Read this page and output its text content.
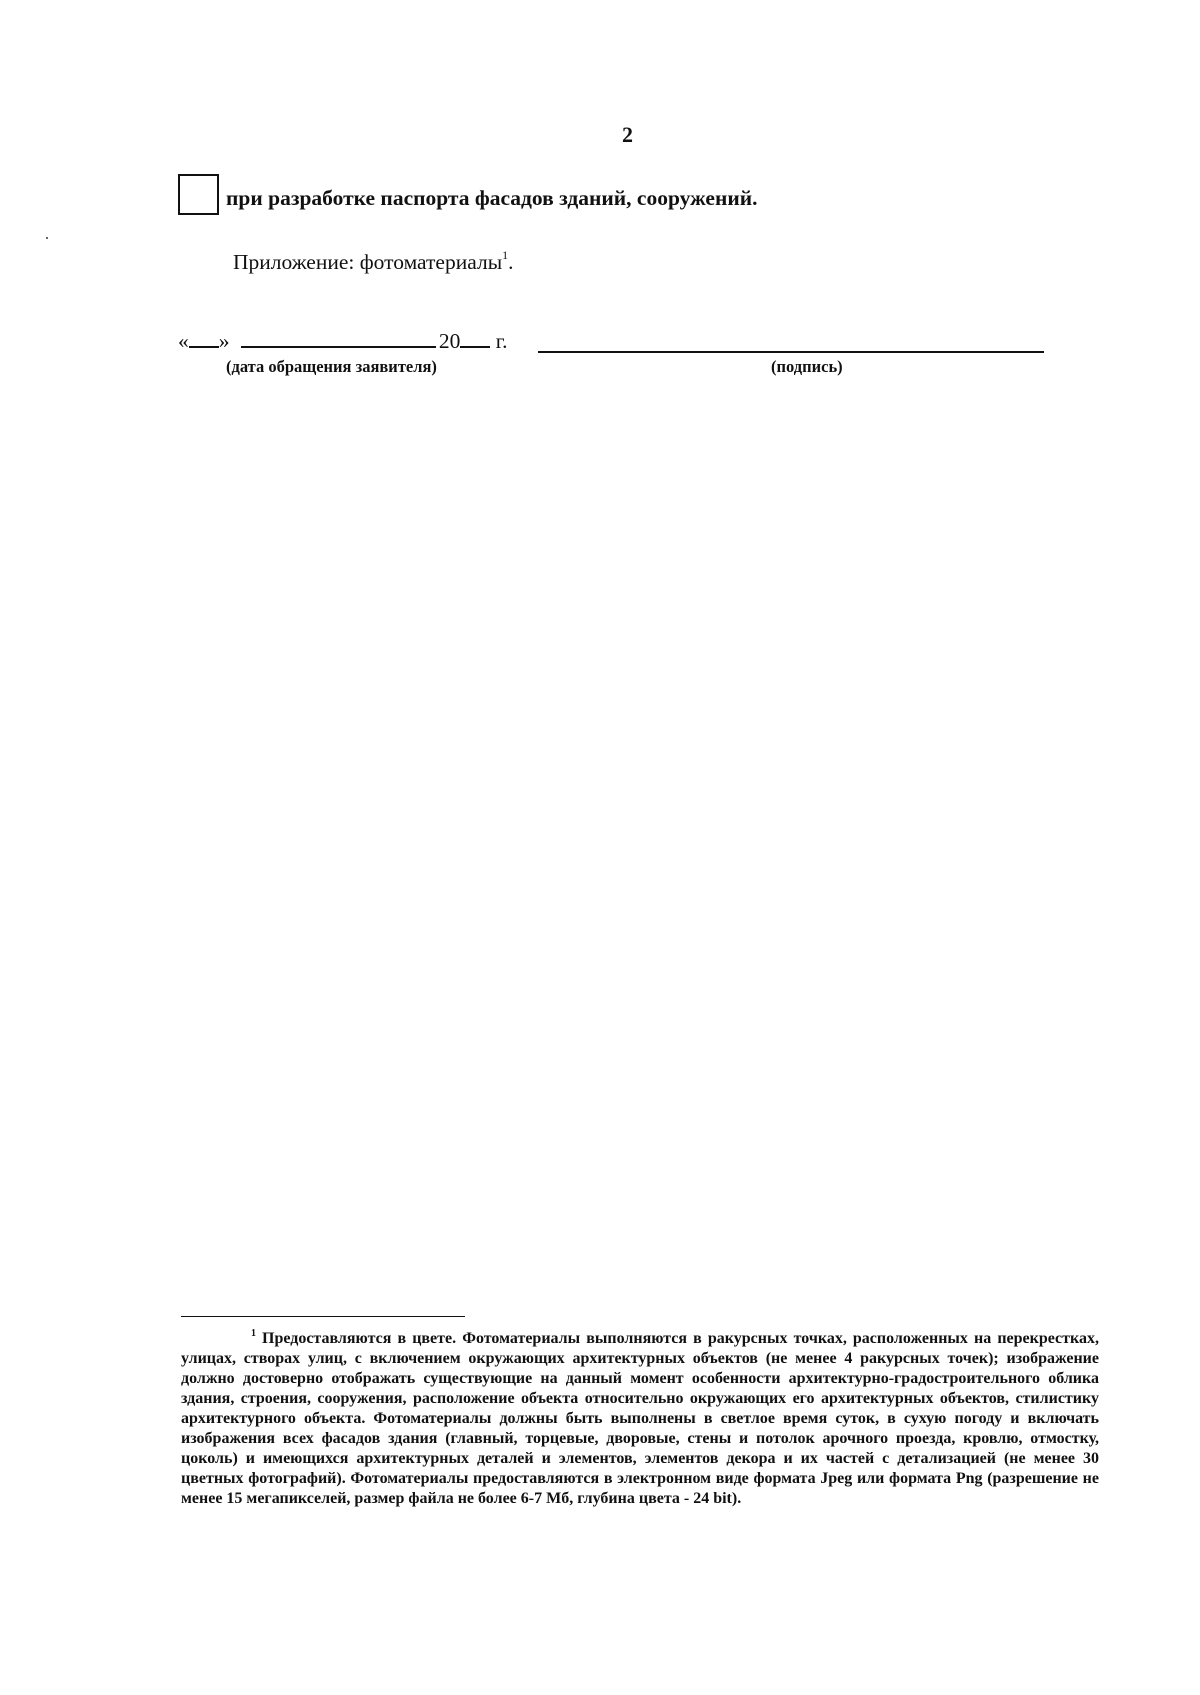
2
при разработке паспорта фасадов зданий, сооружений.
Приложение: фотоматериалы$^1$.
« »	20 г.
(дата обращения заявителя)	(подпись)
$^1$ Предоставляются в цвете. Фотоматериалы выполняются в ракурсных точках, расположенных на перекрестках, улицах, створах улиц, с включением окружающих архитектурных объектов (не менее 4 ракурсных точек); изображение должно достоверно отображать существующие на данный момент особенности архитектурно-градостроительного облика здания, строения, сооружения, расположение объекта относительно окружающих его архитектурных объектов, стилистику архитектурного объекта. Фотоматериалы должны быть выполнены в светлое время суток, в сухую погоду и включать изображения всех фасадов здания (главный, торцевые, дворовые, стены и потолок арочного проезда, кровлю, отмостку, цоколь) и имеющихся архитектурных деталей и элементов, элементов декора и их частей с детализацией (не менее 30 цветных фотографий). Фотоматериалы предоставляются в электронном виде формата Jpeg или формата Png (разрешение не менее 15 мегапикселей, размер файла не более 6-7 Мб, глубина цвета - 24 bit).
